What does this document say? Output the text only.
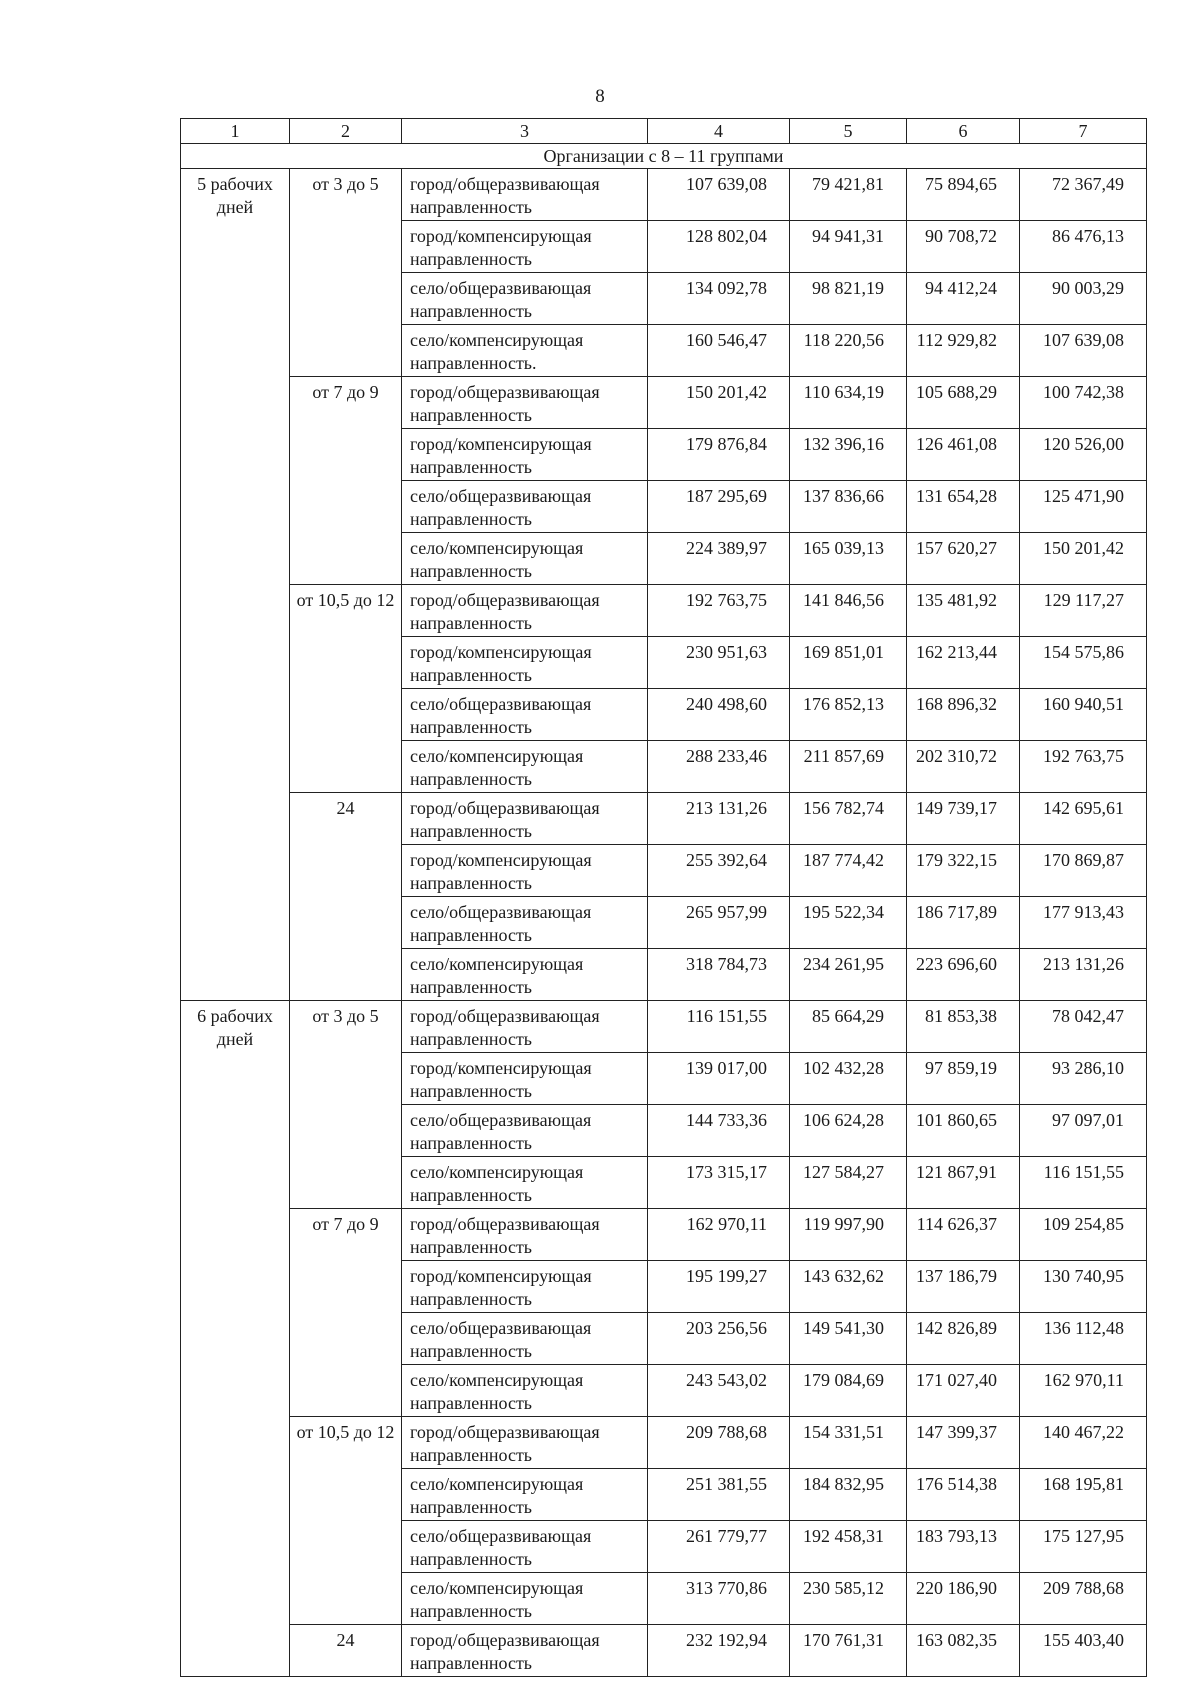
8
1	2	3	4	5	6	7
Организации с 8 – 11 группами						
5 рабочих дней	от 3 до 5	город/общеразвивающая направленность	107 639,08	79 421,81	75 894,65	72 367,49
		город/компенсирующая направленность	128 802,04	94 941,31	90 708,72	86 476,13
		село/общеразвивающая направленность	134 092,78	98 821,19	94 412,24	90 003,29
		село/компенсирующая направленность.	160 546,47	118 220,56	112 929,82	107 639,08
	от 7 до 9	город/общеразвивающая направленность	150 201,42	110 634,19	105 688,29	100 742,38
		город/компенсирующая направленность	179 876,84	132 396,16	126 461,08	120 526,00
		село/общеразвивающая направленность	187 295,69	137 836,66	131 654,28	125 471,90
		село/компенсирующая направленность	224 389,97	165 039,13	157 620,27	150 201,42
	от 10,5 до 12	город/общеразвивающая направленность	192 763,75	141 846,56	135 481,92	129 117,27
		город/компенсирующая направленность	230 951,63	169 851,01	162 213,44	154 575,86
		село/общеразвивающая направленность	240 498,60	176 852,13	168 896,32	160 940,51
		село/компенсирующая направленность	288 233,46	211 857,69	202 310,72	192 763,75
	24	город/общеразвивающая направленность	213 131,26	156 782,74	149 739,17	142 695,61
		город/компенсирующая направленность	255 392,64	187 774,42	179 322,15	170 869,87
		село/общеразвивающая направленность	265 957,99	195 522,34	186 717,89	177 913,43
		село/компенсирующая направленность	318 784,73	234 261,95	223 696,60	213 131,26
6 рабочих дней	от 3 до 5	город/общеразвивающая направленность	116 151,55	85 664,29	81 853,38	78 042,47
		город/компенсирующая направленность	139 017,00	102 432,28	97 859,19	93 286,10
		село/общеразвивающая направленность	144 733,36	106 624,28	101 860,65	97 097,01
		село/компенсирующая направленность	173 315,17	127 584,27	121 867,91	116 151,55
	от 7 до 9	город/общеразвивающая направленность	162 970,11	119 997,90	114 626,37	109 254,85
		город/компенсирующая направленность	195 199,27	143 632,62	137 186,79	130 740,95
		село/общеразвивающая направленность	203 256,56	149 541,30	142 826,89	136 112,48
		село/компенсирующая направленность	243 543,02	179 084,69	171 027,40	162 970,11
	от 10,5 до 12	город/общеразвивающая направленность	209 788,68	154 331,51	147 399,37	140 467,22
		село/компенсирующая направленность	251 381,55	184 832,95	176 514,38	168 195,81
		село/общеразвивающая направленность	261 779,77	192 458,31	183 793,13	175 127,95
		село/компенсирующая направленность	313 770,86	230 585,12	220 186,90	209 788,68
	24	город/общеразвивающая направленность	232 192,94	170 761,31	163 082,35	155 403,40
